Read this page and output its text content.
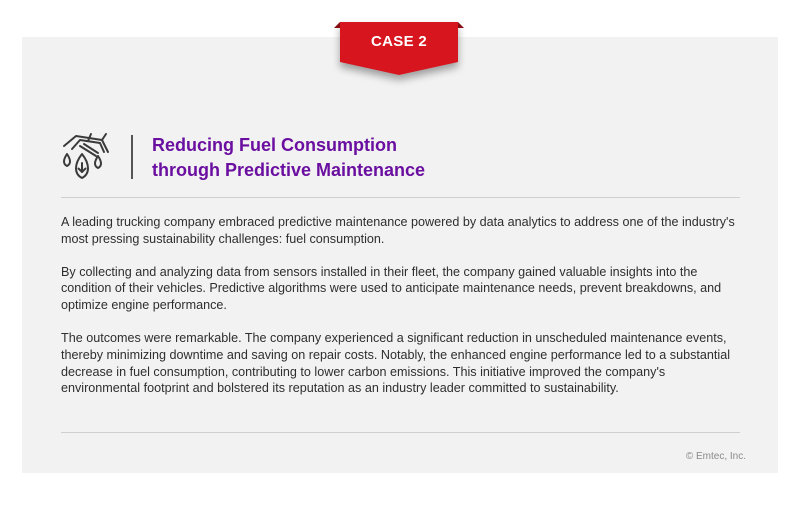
CASE 2
Reducing Fuel Consumption
through Predictive Maintenance

A leading trucking company embraced predictive maintenance powered by data analytics to address one of the industry's most pressing sustainability challenges: fuel consumption.

By collecting and analyzing data from sensors installed in their fleet, the company gained valuable insights into the condition of their vehicles. Predictive algorithms were used to anticipate maintenance needs, prevent breakdowns, and optimize engine performance.

The outcomes were remarkable. The company experienced a significant reduction in unscheduled maintenance events, thereby minimizing downtime and saving on repair costs. Notably, the enhanced engine performance led to a substantial decrease in fuel consumption, contributing to lower carbon emissions. This initiative improved the company's environmental footprint and bolstered its reputation as an industry leader committed to sustainability.

© Emtec, Inc.
